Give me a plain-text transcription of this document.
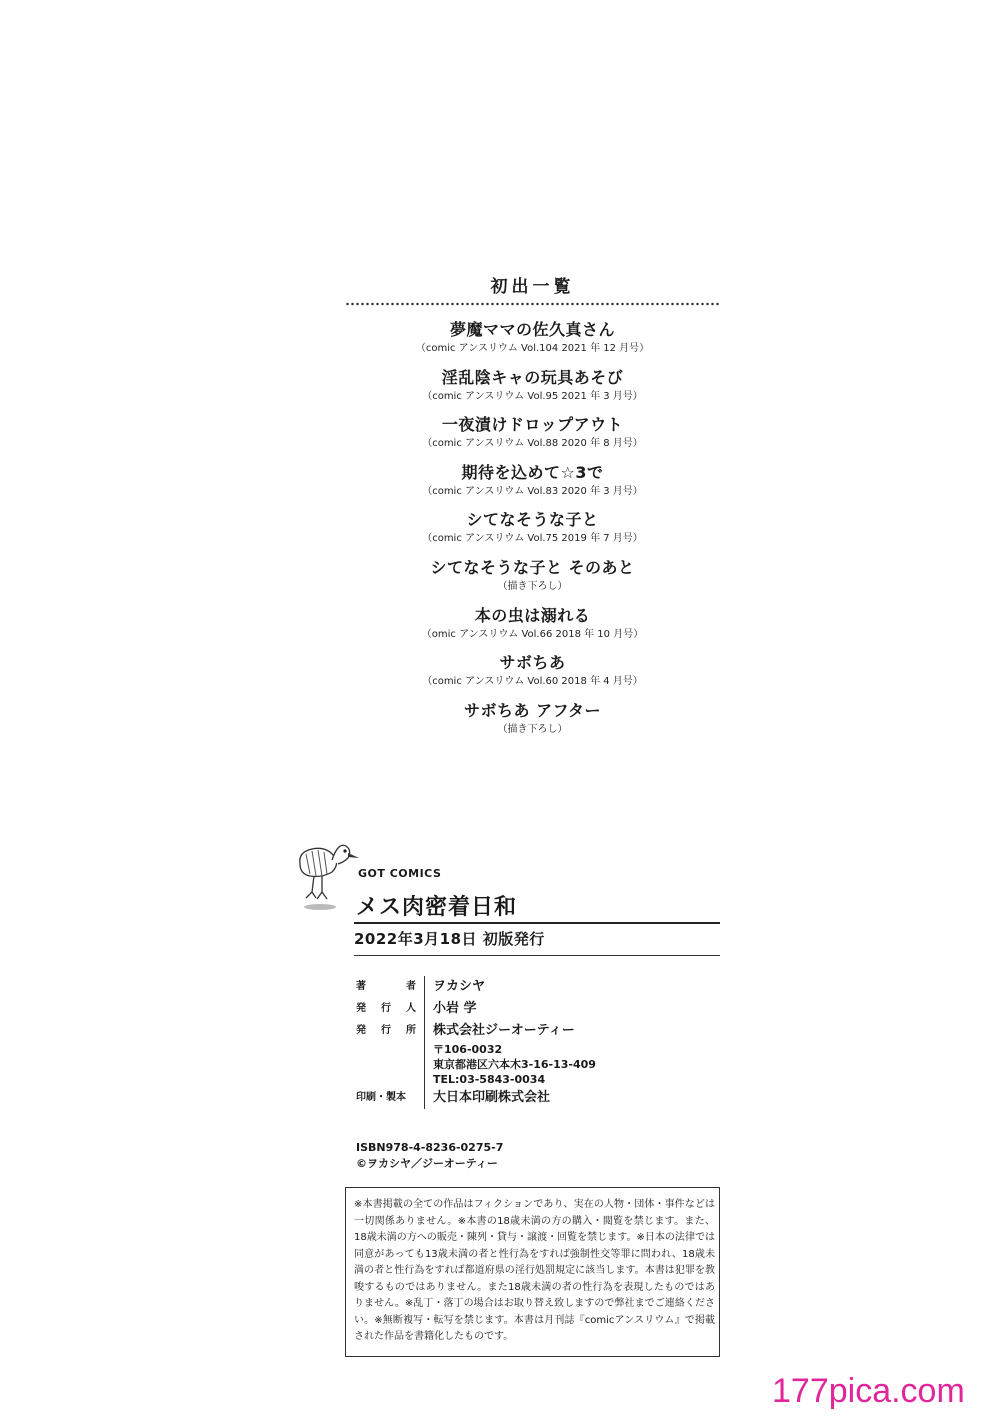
初出一覧
夢魔ママの佐久真さん
（comic アンスリウム Vol.104 2021 年 12 月号）
淫乱陰キャの玩具あそび
（comic アンスリウム Vol.95 2021 年 3 月号）
一夜漬けドロップアウト
（comic アンスリウム Vol.88 2020 年 8 月号）
期待を込めて☆3で
（comic アンスリウム Vol.83 2020 年 3 月号）
シてなそうな子と
（comic アンスリウム Vol.75 2019 年 7 月号）
シてなそうな子と そのあと
（描き下ろし）
本の虫は溺れる
（omic アンスリウム Vol.66 2018 年 10 月号）
サボちあ
（comic アンスリウム Vol.60 2018 年 4 月号）
サボちあ アフター
（描き下ろし）
GOT COMICS
メス肉密着日和
2022年3月18日 初版発行
著	者 ヲカシヤ
発 行 人 小岩 学
発 行 所 株式会社ジーオーティー
〒106-0032
東京都港区六本木3-16-13-409
TEL:03-5843-0034
印刷・製本 大日本印刷株式会社
ISBN978-4-8236-0275-7
©ヲカシヤ／ジーオーティー
※本書掲載の全ての作品はフィクションであり、実在の人物・団体・事件などは一切関係ありません。※本書の18歳未満の方の購入・閲覧を禁じます。また、18歳未満の方への販売・陳列・貸与・譲渡・回覧を禁じます。※日本の法律では同意があっても13歳未満の者と性行為をすれば強制性交等罪に問われ、18歳未満の者と性行為をすれば都道府県の淫行処罰規定に該当します。本書は犯罪を教唆するものではありません。また18歳未満の者の性行為を表現したものではありません。※乱丁・落丁の場合はお取り替え致しますので弊社までご連絡ください。※無断複写・転写を禁じます。本書は月刊誌『comicアンスリウム』で掲載された作品を書籍化したものです。
177pica.com
